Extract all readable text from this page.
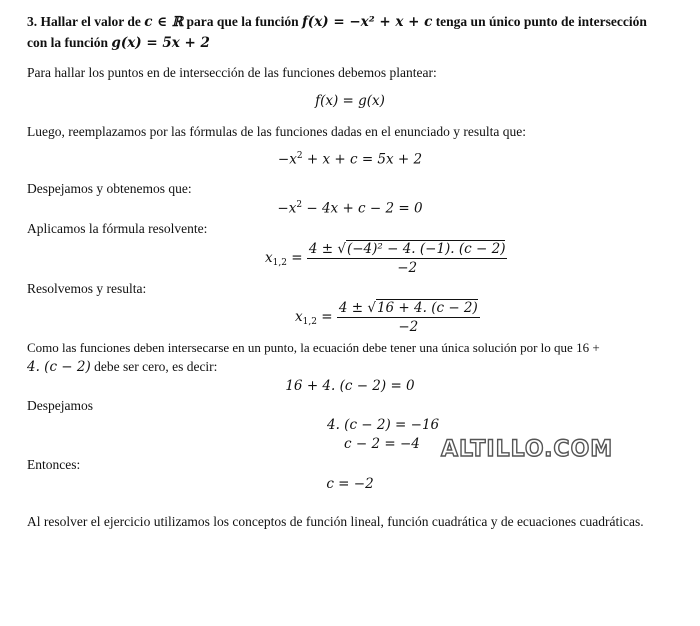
3. Hallar el valor de c ∈ ℝ para que la función f(x) = −x² + x + c tenga un único punto de intersección
con la función g(x) = 5x + 2
Para hallar los puntos en de intersección de las funciones debemos plantear:
f(x) = g(x)
Luego, reemplazamos por las fórmulas de las funciones dadas en el enunciado y resulta que:
$-x^2 + x + c = 5x + 2$
Despejamos y obtenemos que:
$-x^2 - 4x + c - 2 = 0$
Aplicamos la fórmula resolvente:
$x_{1,2} = \frac{\text{4 ± √(−4)² − 4. (−1). (c − 2)}}{-2}$
Resolvemos y resulta:
$x_{1,2} = \frac{4 \pm √16 + 4. (c - 2)}{-2}$
Como las funciones deben intersecarse en un punto, la ecuación debe tener una única solución por lo que 16 +
4. (c − 2) debe ser cero, es decir:
16 + 4. (c − 2) = 0
Despejamos
4. (c − 2) = −16
c − 2 = −4 ALTILLO.COM
Entonces:
c = −2
Al resolver el ejercicio utilizamos los conceptos de función lineal, función cuadrática y de ecuaciones cuadráticas.
